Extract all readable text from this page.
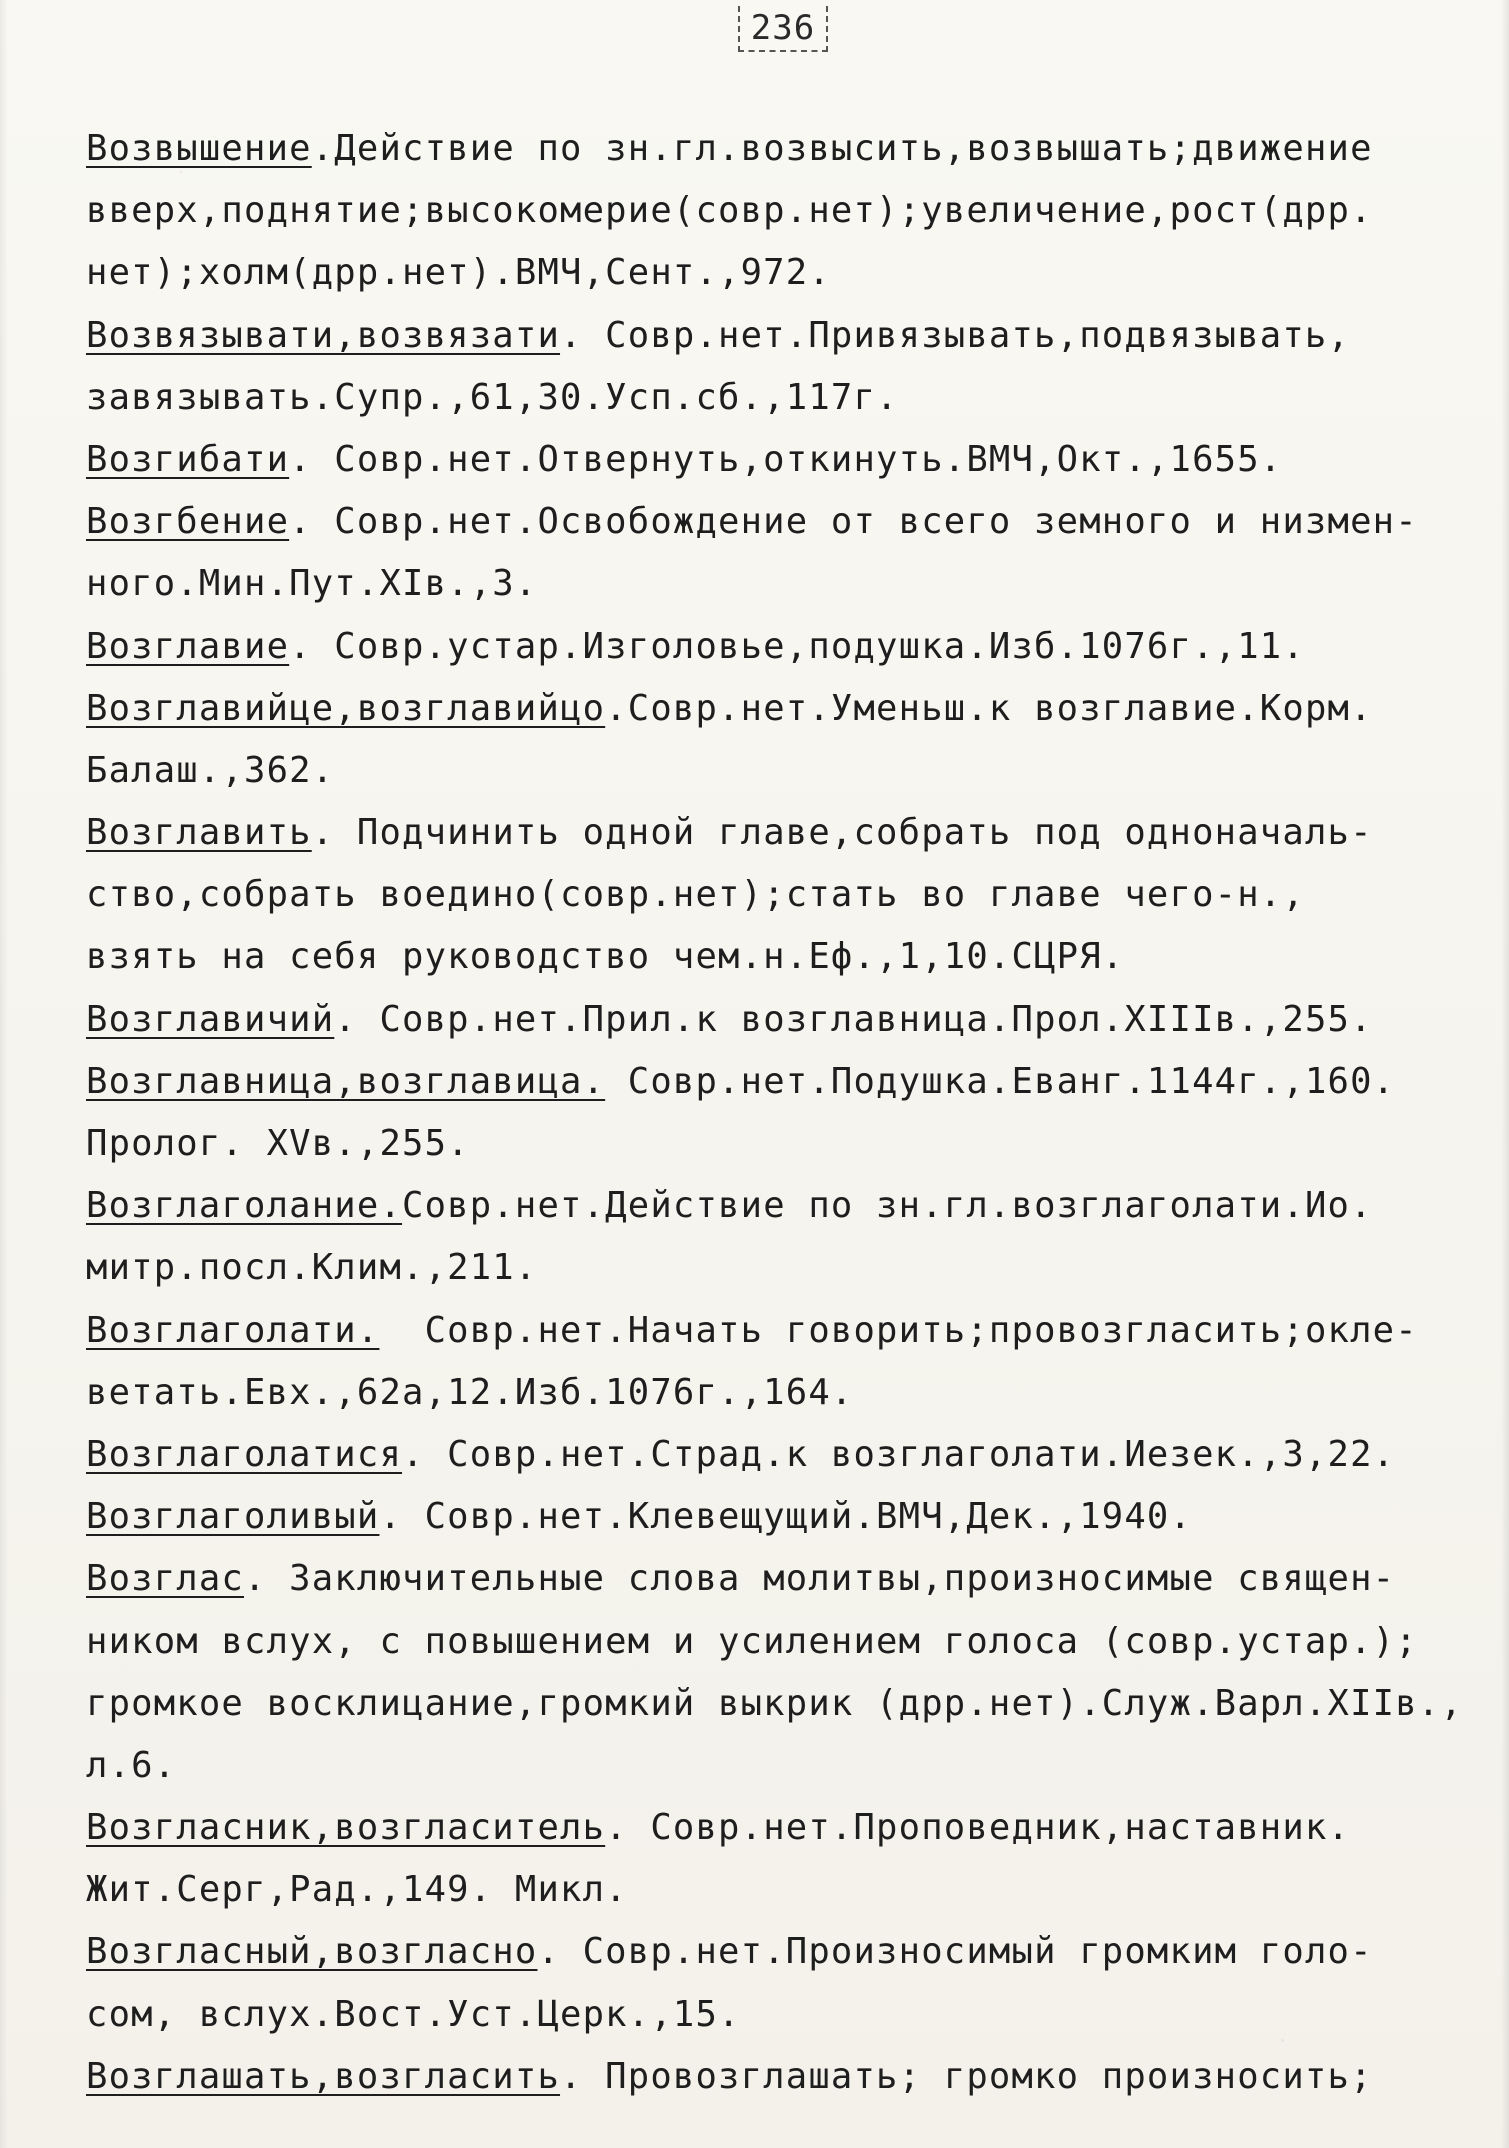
236
Возвышение.Действие по зн.гл.возвысить,возвышать;движение
вверх,поднятие;высокомерие(совр.нет);увеличение,рост(дрр.
нет);холм(дрр.нет).ВМЧ,Сент.,972.
Возвязывати,возвязати. Совр.нет.Привязывать,подвязывать,
завязывать.Супр.,61,30.Усп.сб.,117г.
Возгибати. Совр.нет.Отвернуть,откинуть.ВМЧ,Окт.,1655.
Возгбение. Совр.нет.Освобождение от всего земного и низмен-
ного.Мин.Пут.XIв.,3.
Возглавие. Совр.устар.Изголовье,подушка.Изб.1076г.,11.
Возглавийце,возглавийцо.Совр.нет.Уменьш.к возглавие.Корм.
Балаш.,362.
Возглавить. Подчинить одной главе,собрать под одноначаль-
ство,собрать воедино(совр.нет);стать во главе чего-н.,
взять на себя руководство чем.н.Еф.,1,10.СЦРЯ.
Возглавичий. Совр.нет.Прил.к возглавница.Прол.XIIIв.,255.
Возглавница,возглавица. Совр.нет.Подушка.Еванг.1144г.,160.
Пролог. XVв.,255.
Возглаголание.Совр.нет.Действие по зн.гл.возглаголати.Ио.
митр.посл.Клим.,211.
Возглаголати.  Совр.нет.Начать говорить;провозгласить;окле-
ветать.Евх.,62а,12.Изб.1076г.,164.
Возглаголатися. Совр.нет.Страд.к возглаголати.Иезек.,3,22.
Возглаголивый. Совр.нет.Клевещущий.ВМЧ,Дек.,1940.
Возглас. Заключительные слова молитвы,произносимые священ-
ником вслух, с повышением и усилением голоса (совр.устар.);
громкое восклицание,громкий выкрик (дрр.нет).Служ.Варл.XIIв.,
л.6.
Возгласник,возгласитель. Совр.нет.Проповедник,наставник.
Жит.Серг,Рад.,149. Микл.
Возгласный,возгласно. Совр.нет.Произносимый громким голо-
сом, вслух.Вост.Уст.Церк.,15.
Возглашать,возгласить. Провозглашать; громко произносить;
